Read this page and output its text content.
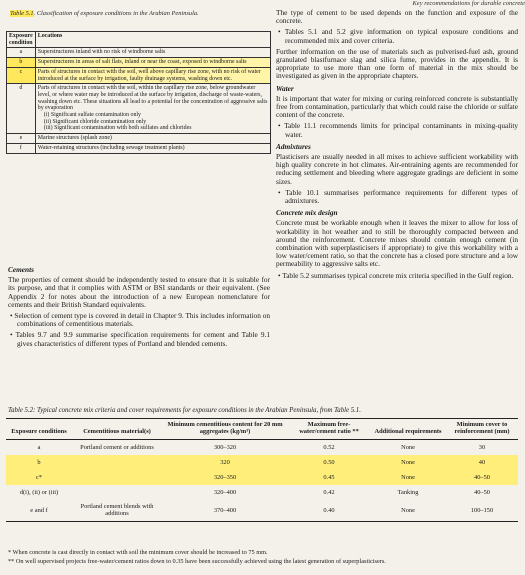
Key recommendations for durable concrete
Table 5.1. Classification of exposure conditions in the Arabian Peninsula.
Exposure condition	Locations
a	Superstructures inland with no risk of windborne salts
b	Superstructures in areas of salt flats, inland or near the coast, exposed to windborne salts
c	Parts of structures in contact with the soil, well above capillary rise zone, with no risk of water introduced at the surface by irrigation, faulty drainage systems, washing down etc.
d	Parts of structures in contact with the soil, within the capillary rise zone, below groundwater level, or where water may be introduced at the surface by irrigation, discharge of waste-waters, washing down etc. These situations all lead to a potential for the concentration of aggressive salts by evaporation
(i) Significant sulfate contamination only
(ii) Significant chloride contamination only
(iii) Significant contamination with both sulfates and chlorides

e	Marine structures (splash zone)
f	Water-retaining structures (including sewage treatment plants)
Cements

The properties of cement should be independently tested to ensure that it is suitable for its purpose, and that it complies with ASTM or BSI standards or their equivalent. (See Appendix 2 for notes about the introduction of a new European nomenclature for cements and their British Standard equivalents.

• Selection of cement type is covered in detail in Chapter 9. This includes information on combinations of cementitious materials.
• Tables 9.7 and 9.9 summarise specification requirements for cement and Table 9.1 gives characteristics of different types of Portland and blended cements.

The type of cement to be used depends on the function and exposure of the concrete.

• Tables 5.1 and 5.2 give information on typical exposure conditions and recommended mix and cover criteria.

Further information on the use of materials such as pulverised-fuel ash, ground granulated blastfurnace slag and silica fume, provides in the appendix. It is appropriate to use more than one form of material in the mix should be investigated as given in the appropriate chapters.

Water

It is important that water for mixing or curing reinforced concrete is substantially free from contamination, particularly that which could raise the chloride or sulfate content of the concrete.

• Table 11.1 recommends limits for principal contaminants in mixing-quality water.
Admixtures

Plasticisers are usually needed in all mixes to achieve sufficient workability with high quality concrete in hot climates. Air-entraining agents are recommended for reducing settlement and bleeding where aggregate gradings are deficient in some sizes.

• Table 10.1 summarises performance requirements for different types of admixtures.
Concrete mix design

Concrete must be workable enough when it leaves the mixer to allow for loss of workability in hot weather and to still be thoroughly compacted between and around the reinforcement. Concrete mixes should contain enough cement (in combination with superplasticisers if appropriate) to give this workability with a low water/cement ratio, so that the concrete has a closed pore structure and a low permeability to aggressive salts etc.

• Table 5.2 summarises typical concrete mix criteria specified in the Gulf region.
Table 5.2: Typical concrete mix criteria and cover requirements for exposure conditions in the Arabian Peninsula, from Table 5.1.
Exposure conditions	Cementitious material(s)	Minimum cementitious content for 20 mm aggregates (kg/m³)	Maximum free-water/cement ratio **	Additional requirements	Minimum cover to reinforcement (mm)
a	Portland cement or additions	300–320	0.52	None	30
b		320	0.50	None	40
c*		320–350	0.45	None	40–50
d(i), (ii) or (iii)		320–400	0.42	Tanking	40–50
e and f	Portland cement blends with additions	370–400	0.40	None	100–150
* When concrete is cast directly in contact with soil the minimum cover should be increased to 75 mm.
** On well supervised projects free-water/cement ratios down to 0.35 have been successfully achieved using the latest generation of superplasticisers.
